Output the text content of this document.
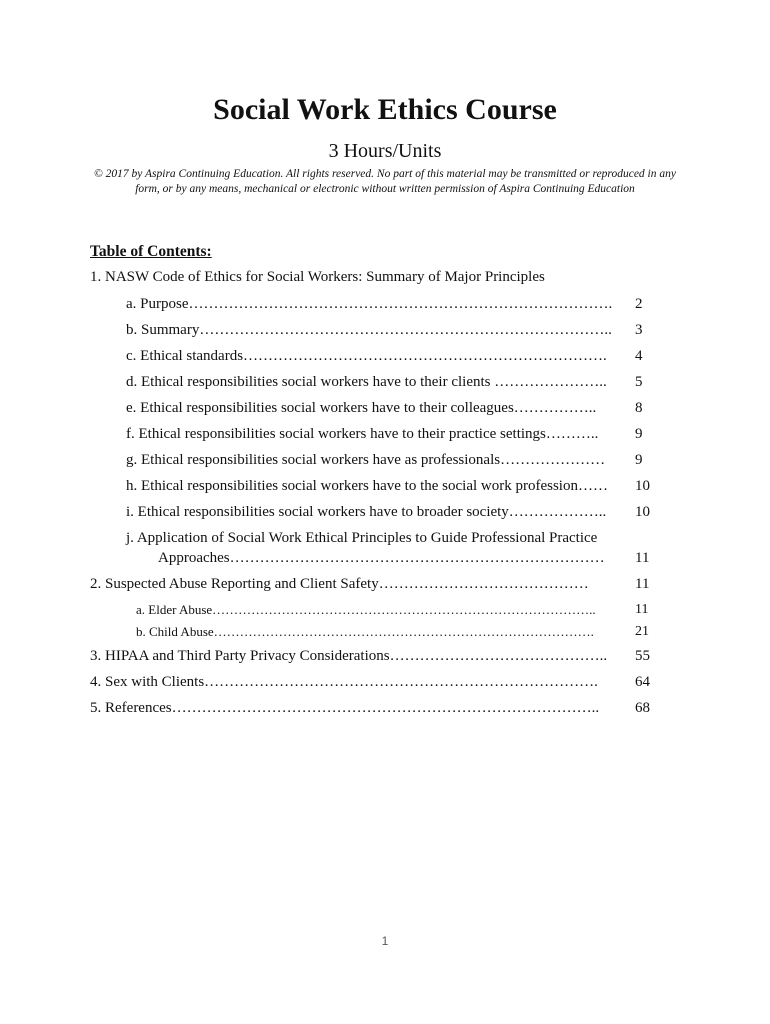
Social Work Ethics Course
3 Hours/Units
© 2017 by Aspira Continuing Education. All rights reserved. No part of this material may be transmitted or reproduced in any form, or by any means, mechanical or electronic without written permission of Aspira Continuing Education
Table of Contents:
1. NASW Code of Ethics for Social Workers: Summary of Major Principles
a. Purpose…………………………………………………………………………. 2
b. Summary……………………………………………………………………….. 3
c. Ethical standards………………………………………………………………. 4
d. Ethical responsibilities social workers have to their clients ………………….. 5
e. Ethical responsibilities social workers have to their colleagues……………..	8
f. Ethical responsibilities social workers have to their practice settings……….. 9
g. Ethical responsibilities social workers have as professionals………………… 9
h. Ethical responsibilities social workers have to the social work profession…… 10
i. Ethical responsibilities social workers have to broader society……………….. 10
j. Application of Social Work Ethical Principles to Guide Professional Practice
Approaches………………………………………………………………… 11
2. Suspected Abuse Reporting and Client Safety……………………………………	11
a. Elder Abuse……………………………………………………………………………..	11
b. Child Abuse…………………………………………………………………………….	21
3. HIPAA and Third Party Privacy Considerations…………………………………….. 55
4. Sex with Clients……………………………………………………………………. 64
5. References………………………………………………………………………….. 68
1
